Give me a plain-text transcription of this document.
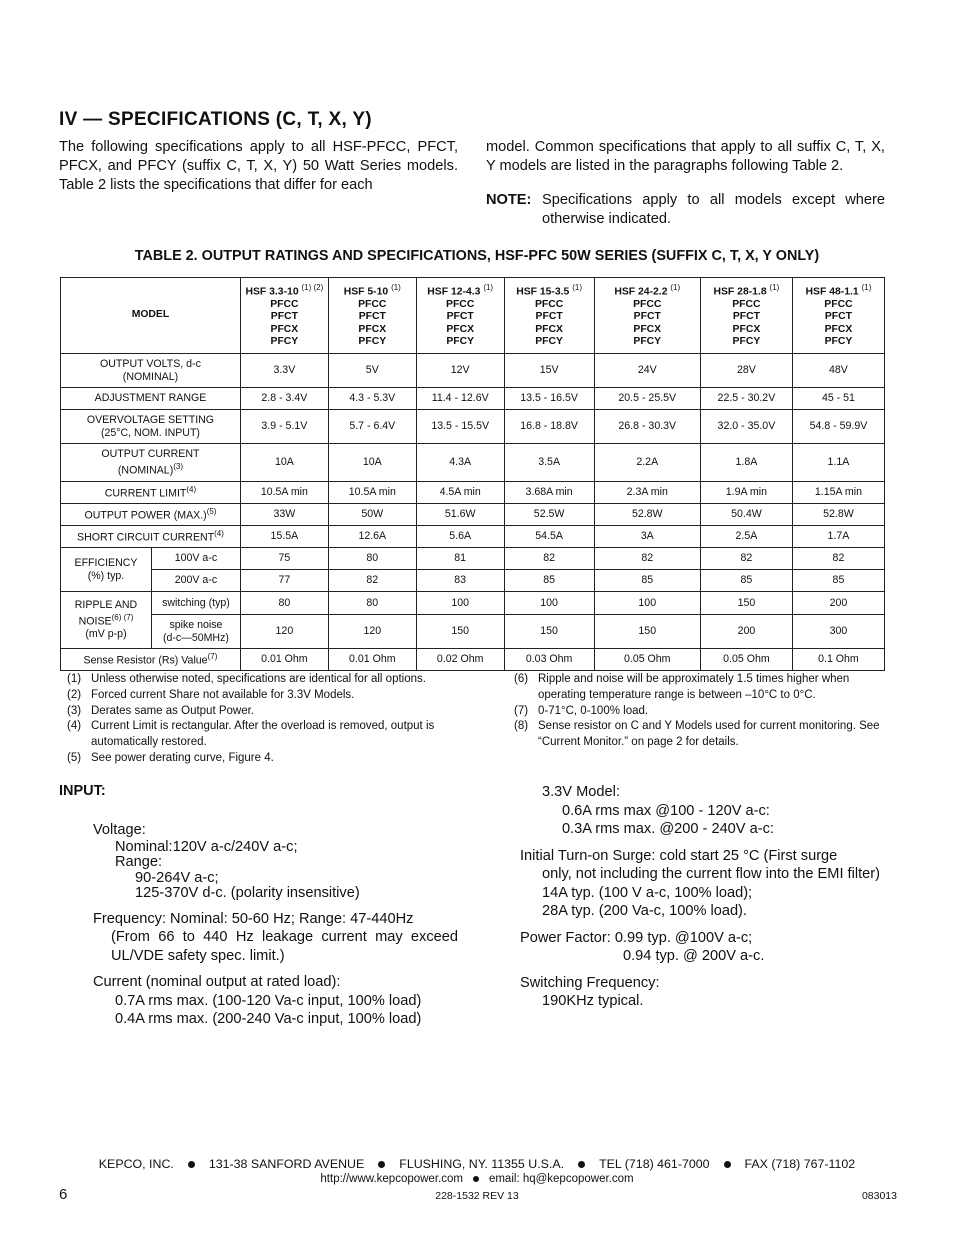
IV — SPECIFICATIONS (C, T, X, Y)
The following specifications apply to all HSF-PFCC, PFCT, PFCX, and PFCY (suffix C, T, X, Y) 50 Watt Series models. Table 2 lists the specifications that differ for each
model. Common specifications that apply to all suffix C, T, X, Y models are listed in the paragraphs following Table 2.
NOTE: Specifications apply to all models except where otherwise indicated.
TABLE 2. OUTPUT RATINGS AND SPECIFICATIONS, HSF-PFC 50W SERIES (SUFFIX C, T, X, Y ONLY)
MODEL		HSF 3.3-10 $^{(1) (2)}$
PFCC
PFCT
PFCX
PFCY	HSF 5-10 $^{(1)}$
PFCC
PFCT
PFCX
PFCY	HSF 12-4.3 $^{(1)}$
PFCC
PFCT
PFCX
PFCY	HSF 15-3.5 $^{(1)}$
PFCC
PFCT
PFCX
PFCY	HSF 24-2.2 $^{(1)}$
PFCC
PFCT
PFCX
PFCY	HSF 28-1.8 $^{(1)}$
PFCC
PFCT
PFCX
PFCY	HSF 48-1.1 $^{(1)}$
PFCC
PFCT
PFCX
PFCY
OUTPUT VOLTS, d-c
(NOMINAL)		3.3V	5V	12V	15V	24V	28V	48V
ADJUSTMENT RANGE		2.8 - 3.4V	4.3 - 5.3V	11.4 - 12.6V	13.5 - 16.5V	20.5 - 25.5V	22.5 - 30.2V	45 - 51
OVERVOLTAGE SETTING
(25°C, NOM. INPUT)		3.9 - 5.1V	5.7 - 6.4V	13.5 - 15.5V	16.8 - 18.8V	26.8 - 30.3V	32.0 - 35.0V	54.8 - 59.9V
OUTPUT CURRENT
(NOMINAL)$^{(3)}$		10A	10A	4.3A	3.5A	2.2A	1.8A	1.1A
CURRENT LIMIT$^{(4)}$		10.5A min	10.5A min	4.5A min	3.68A min	2.3A min	1.9A min	1.15A min
OUTPUT POWER $(MAX.)^{(5)}$		33W	50W	51.6W	52.5W	52.8W	50.4W	52.8W
SHORT CIRCUIT CURRENT$^{(4)}$		15.5A	12.6A	5.6A	54.5A	3A	2.5A	1.7A
EFFICIENCY
(%) typ.	100V a-c	75	80	81	82	82	82	82
	200V a-c	77	82	83	85	85	85	85
RIPPLE AND
$NOISE^{(6) (7)}$
(mV p-p)	switching (typ)	80	80	100	100	100	150	200
	spike noise
(d-c—50MHz)	120	120	150	150	150	200	300
Sense Resistor (Rs) Value$^{(7)}$		0.01 Ohm	0.01 Ohm	0.02 Ohm	0.03 Ohm	0.05 Ohm	0.05 Ohm	0.1 Ohm
(1) Unless otherwise noted, specifications are identical for all options.
(2) Forced current Share not available for 3.3V Models.
(3) Derates same as Output Power.
(4) Current Limit is rectangular. After the overload is removed, output is automatically restored.
(5) See power derating curve, Figure 4.
(6) Ripple and noise will be approximately 1.5 times higher when operating temperature range is between –10°C to 0°C.
(7) 0-71°C, 0-100% load.
(8) Sense resistor on C and Y Models used for current monitoring. See “Current Monitor.” on page 2 for details.
INPUT:

Voltage:

Nominal:120V a-c/240V a-c;

Range:

90-264V a-c;

125-370V d-c. (polarity insensitive)

Frequency: Nominal: 50-60 Hz; Range: 47-440Hz

(From 66 to 440 Hz leakage current may exceed UL/VDE safety spec. limit.)

Current (nominal output at rated load):

0.7A rms max. (100-120 Va-c input, 100% load)

0.4A rms max. (200-240 Va-c input, 100% load)

3.3V Model:

0.6A rms max @100 - 120V a-c:

0.3A rms max. @200 - 240V a-c:

Initial Turn-on Surge: cold start 25 °C (First surge

only, not including the current flow into the EMI filter)

14A typ. (100 V a-c, 100% load);

28A typ. (200 Va-c, 100% load).

Power Factor: 0.99 typ. @100V a-c;

0.94 typ. @ 200V a-c.

Switching Frequency:

190KHz typical.

KEPCO, INC.	131-38 SANFORD AVENUE	FLUSHING, NY. 11355 U.S.A.	TEL (718) 461-7000	FAX (718) 767-1102
http://www.kepcopower.com email: hq@kepcopower.com
6	228-1532 REV 13	083013
